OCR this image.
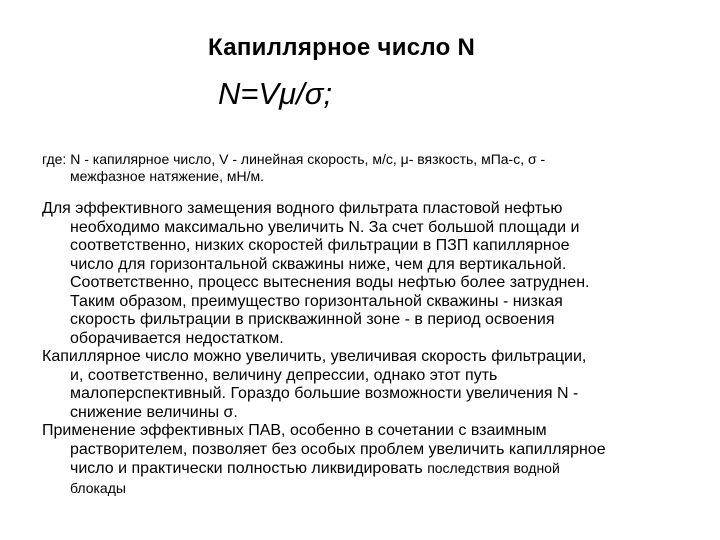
Капиллярное число N
N=Vμ/σ;
где: N - капилярное число, V - линейная скорость, м/с, μ- вязкость, мПа-с, σ -
межфазное натяжение, мН/м.
Для эффективного замещения водного фильтрата пластовой нефтью
необходимо максимально увеличить N. За счет большой площади и
соответственно, низких скоростей фильтрации в ПЗП капиллярное
число для горизонтальной скважины ниже, чем для вертикальной.
Соответственно, процесс вытеснения воды нефтью более затруднен.
Таким образом, преимущество горизонтальной скважины - низкая
скорость фильтрации в прискважинной зоне - в период освоения
оборачивается недостатком.
Капиллярное число можно увеличить, увеличивая скорость фильтрации,
и, соответственно, величину депрессии, однако этот путь
малоперспективный. Гораздо большие возможности увеличения N -
снижение величины σ.
Применение эффективных ПАВ, особенно в сочетании с взаимным
растворителем, позволяет без особых проблем увеличить капиллярное
число и практически полностью ликвидировать последствия водной
блокады
